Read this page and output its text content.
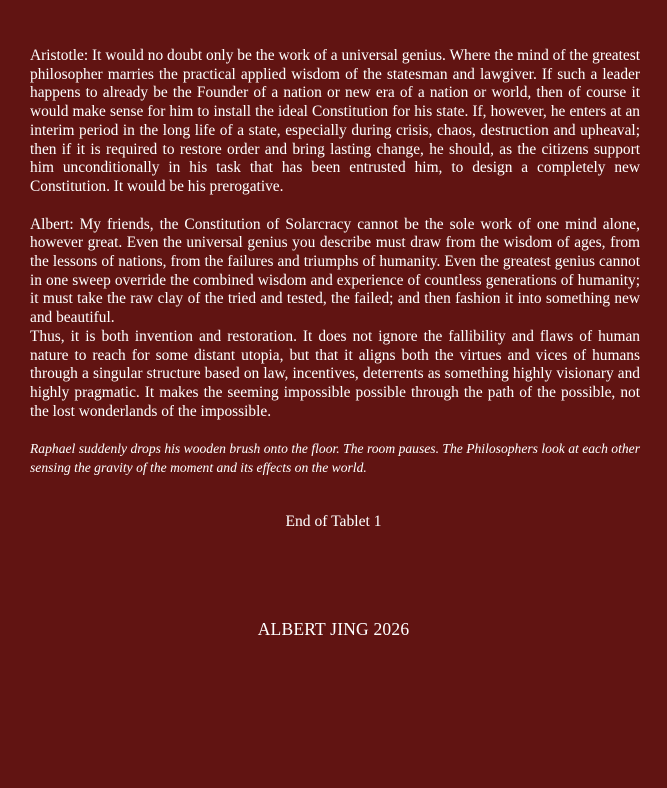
Aristotle: It would no doubt only be the work of a universal genius. Where the mind of the greatest philosopher marries the practical applied wisdom of the statesman and lawgiver. If such a leader happens to already be the Founder of a nation or new era of a nation or world, then of course it would make sense for him to install the ideal Constitution for his state. If, however, he enters at an interim period in the long life of a state, especially during crisis, chaos, destruction and upheaval; then if it is required to restore order and bring lasting change, he should, as the citizens support him unconditionally in his task that has been entrusted him, to design a completely new Constitution. It would be his prerogative.

Albert: My friends, the Constitution of Solarcracy cannot be the sole work of one mind alone, however great. Even the universal genius you describe must draw from the wisdom of ages, from the lessons of nations, from the failures and triumphs of humanity. Even the greatest genius cannot in one sweep override the combined wisdom and experience of countless generations of humanity; it must take the raw clay of the tried and tested, the failed; and then fashion it into something new and beautiful.

Thus, it is both invention and restoration. It does not ignore the fallibility and flaws of human nature to reach for some distant utopia, but that it aligns both the virtues and vices of humans through a singular structure based on law, incentives, deterrents as something highly visionary and highly pragmatic. It makes the seeming impossible possible through the path of the possible, not the lost wonderlands of the impossible.

Raphael suddenly drops his wooden brush onto the floor. The room pauses. The Philosophers look at each other sensing the gravity of the moment and its effects on the world.

End of Tablet 1
ALBERT JING 2026
